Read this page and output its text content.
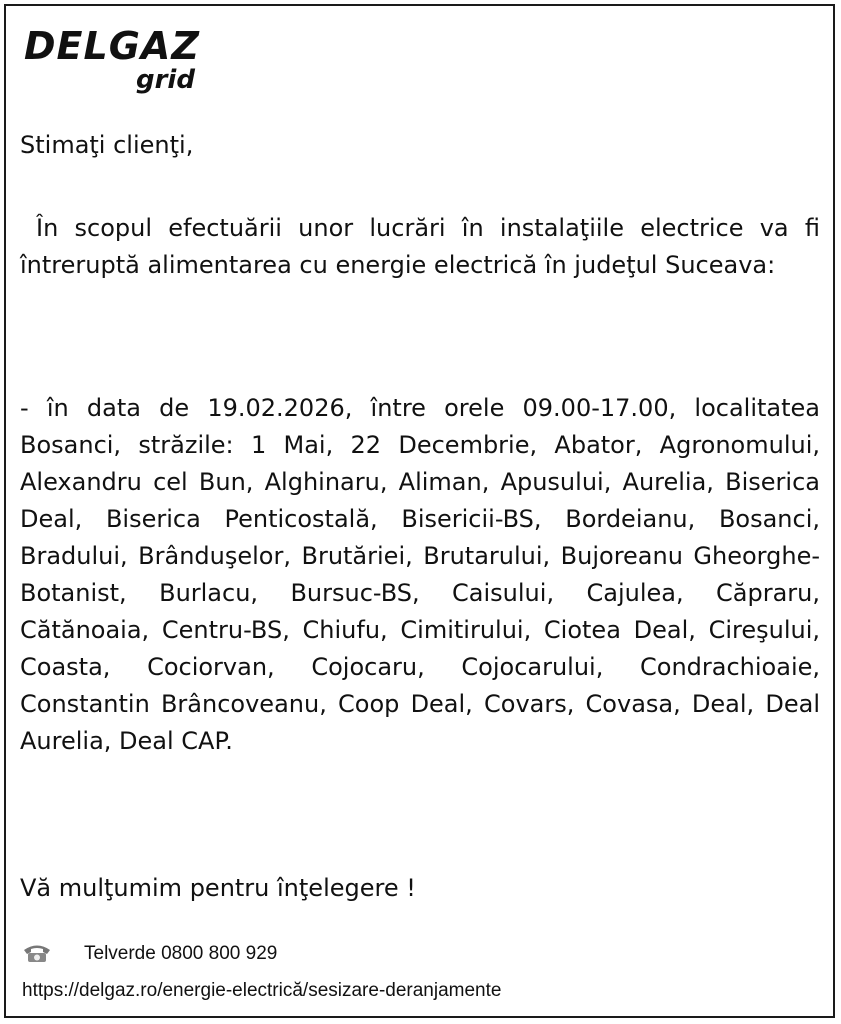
DELGAZ
grid
Stimaţi clienţi,
În scopul efectuării unor lucrări în instalaţiile electrice va fi întreruptă alimentarea cu energie electrică în judeţul Suceava:
- în data de 19.02.2026, între orele 09.00-17.00, localitatea Bosanci, străzile: 1 Mai, 22 Decembrie, Abator, Agronomului, Alexandru cel Bun, Alghinaru, Aliman, Apusului, Aurelia, Biserica Deal, Biserica Penticostală, Bisericii-BS, Bordeianu, Bosanci, Bradului, Brânduşelor, Brutăriei, Brutarului, Bujoreanu Gheorghe-Botanist, Burlacu, Bursuc-BS, Caisului, Cajulea, Căpraru, Cătănoaia, Centru-BS, Chiufu, Cimitirului, Ciotea Deal, Cireşului, Coasta, Cociorvan, Cojocaru, Cojocarului, Condrachioaie, Constantin Brâncoveanu, Coop Deal, Covars, Covasa, Deal, Deal Aurelia, Deal CAP.
Vă mulţumim pentru înţelegere !
Telverde 0800 800 929
https://delgaz.ro/energie-electrică/sesizare-deranjamente
